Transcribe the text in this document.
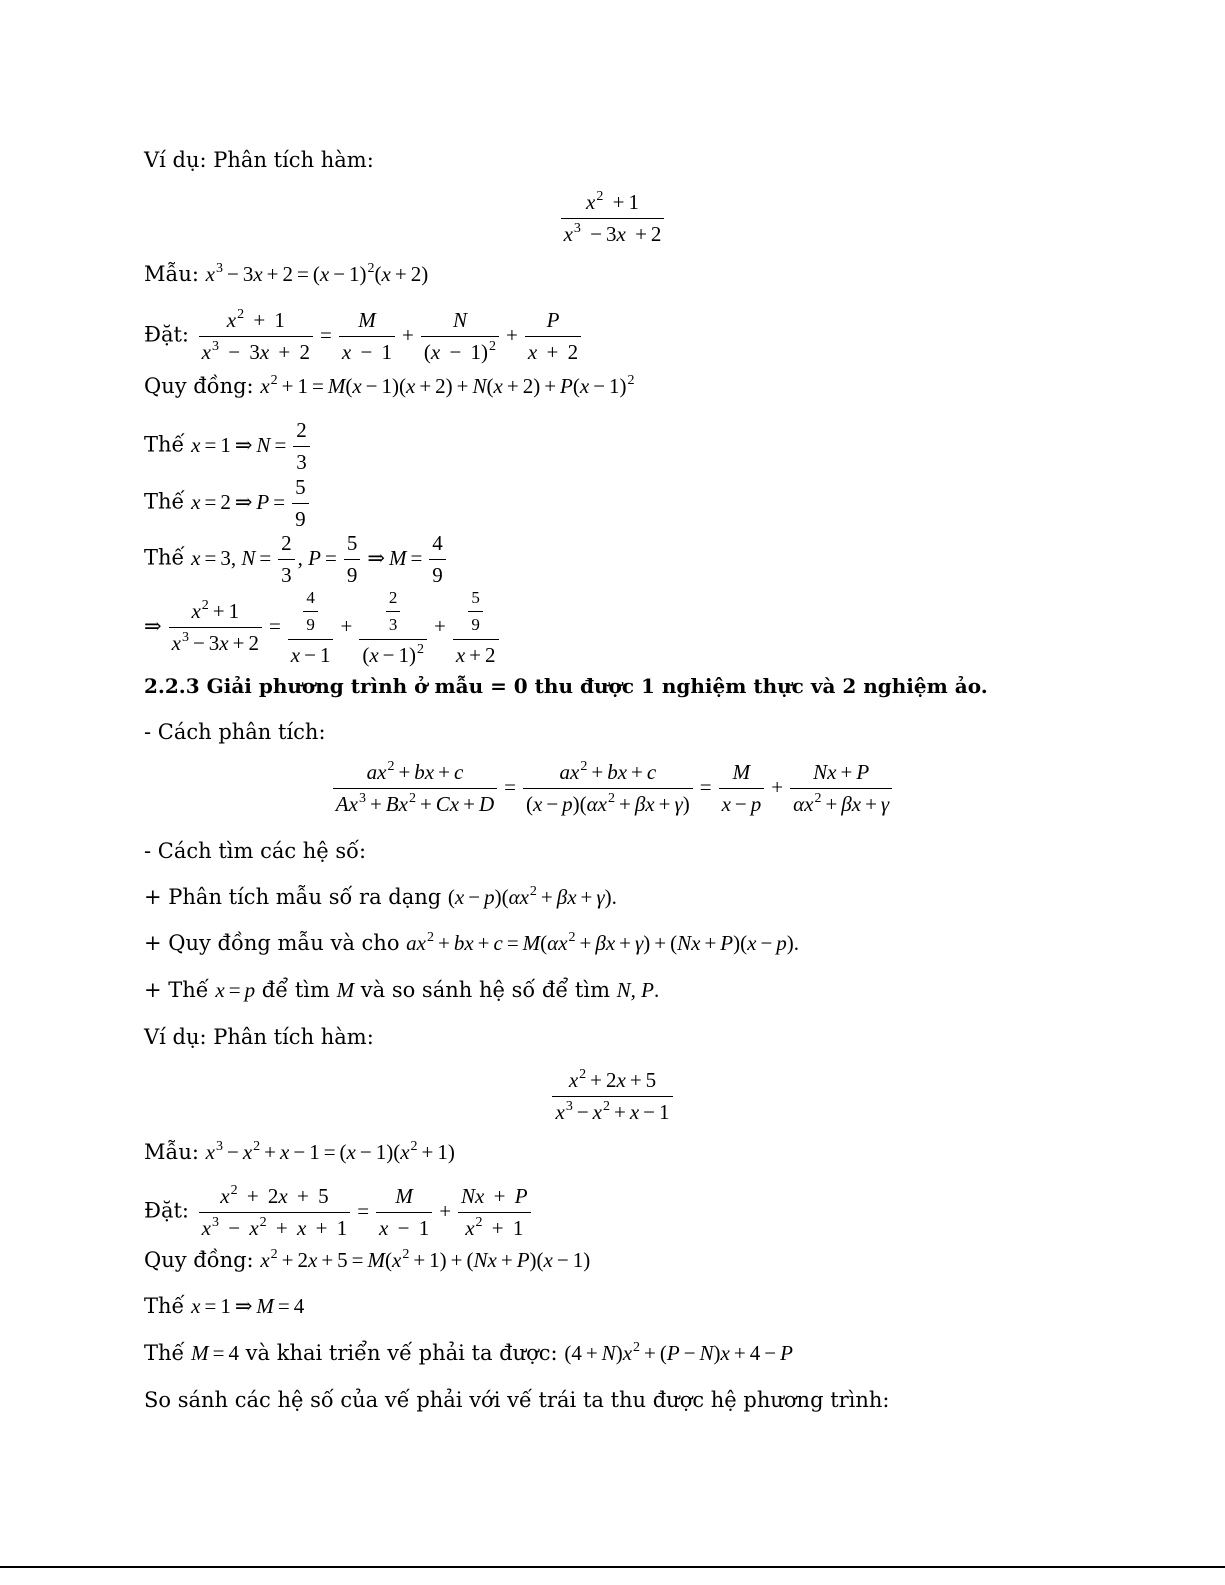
Ví dụ: Phân tích hàm:
$\frac{x^2 + 1}{x^3 - 3x + 2}$
Mẫu: $x^3 - 3x + 2 = (x - 1)^2(x + 2)$
Đặt: $\frac{x^2 + 1}{x^3 - 3x + 2} = \frac{M}{x - 1} + \frac{N}{(x - 1)^2} + \frac{P}{x + 2}$
Quy đồng: $x^2 + 1 = M(x - 1)(x + 2) + N(x + 2) + P(x - 1)^2$
Thế x = 1 ⇒ $N = \frac{2}{3}$
Thế x = 2 ⇒ $P = \frac{5}{9}$
Thế x = 3, $N = \frac{2}{3}$ , $P = \frac{5}{9}$ ⇒ $M = \frac{4}{9}$
⇒ $\frac{x^2 + 1}{x^3 - 3x + 2} = \frac{\frac{4}{9}}{x - 1} + \frac{\frac{2}{3}}{(x - 1)^2} + \frac{\frac{5}{9}}{x + 2}$
2.2.3 Giải phương trình ở mẫu = 0 thu được 1 nghiệm thực và 2 nghiệm ảo.
- Cách phân tích:
$\frac{ax^2 + bx + c}{Ax^3 + Bx^2 + Cx + D} = \frac{ax^2 + bx + c}{(x - p)(\alpha x^2 + \beta x + \gamma)} = \frac{M}{x - p} + \frac{Nx + P}{\alpha x^2 + \beta x + \gamma}$
- Cách tìm các hệ số:
+ Phân tích mẫu số ra dạng $(x - p)(\alpha x^2 + \beta x + \gamma)$.
+ Quy đồng mẫu và cho $ax^2$ + bx + $c = M(\alpha x^2 + \beta x + \gamma) + (Nx + P)(x - p)$.
+ Thế x = p để tìm M và so sánh hệ số để tìm N, P.
Ví dụ: Phân tích hàm:
$\frac{x^2 + 2x + 5}{x^3 - x^2 + x - 1}$
Mẫu: $x^3 - x^2 + x - 1 = (x - 1)(x^2 + 1)$
Đặt: $\frac{x^2 + 2x + 5}{x^3 - x^2 + x + 1} = \frac{M}{x - 1} + \frac{Nx + P}{x^2 + 1}$
Quy đồng: $x^2 + 2x + 5 = M(x^2 + 1) + (Nx + P)(x - 1)$
Thế x = 1 ⇒ M = 4
Thế M = 4 và khai triển vế phải ta được: $(4 + N)x^2 + (P - N)x + 4 - P$
So sánh các hệ số của vế phải với vế trái ta thu được hệ phương trình:
